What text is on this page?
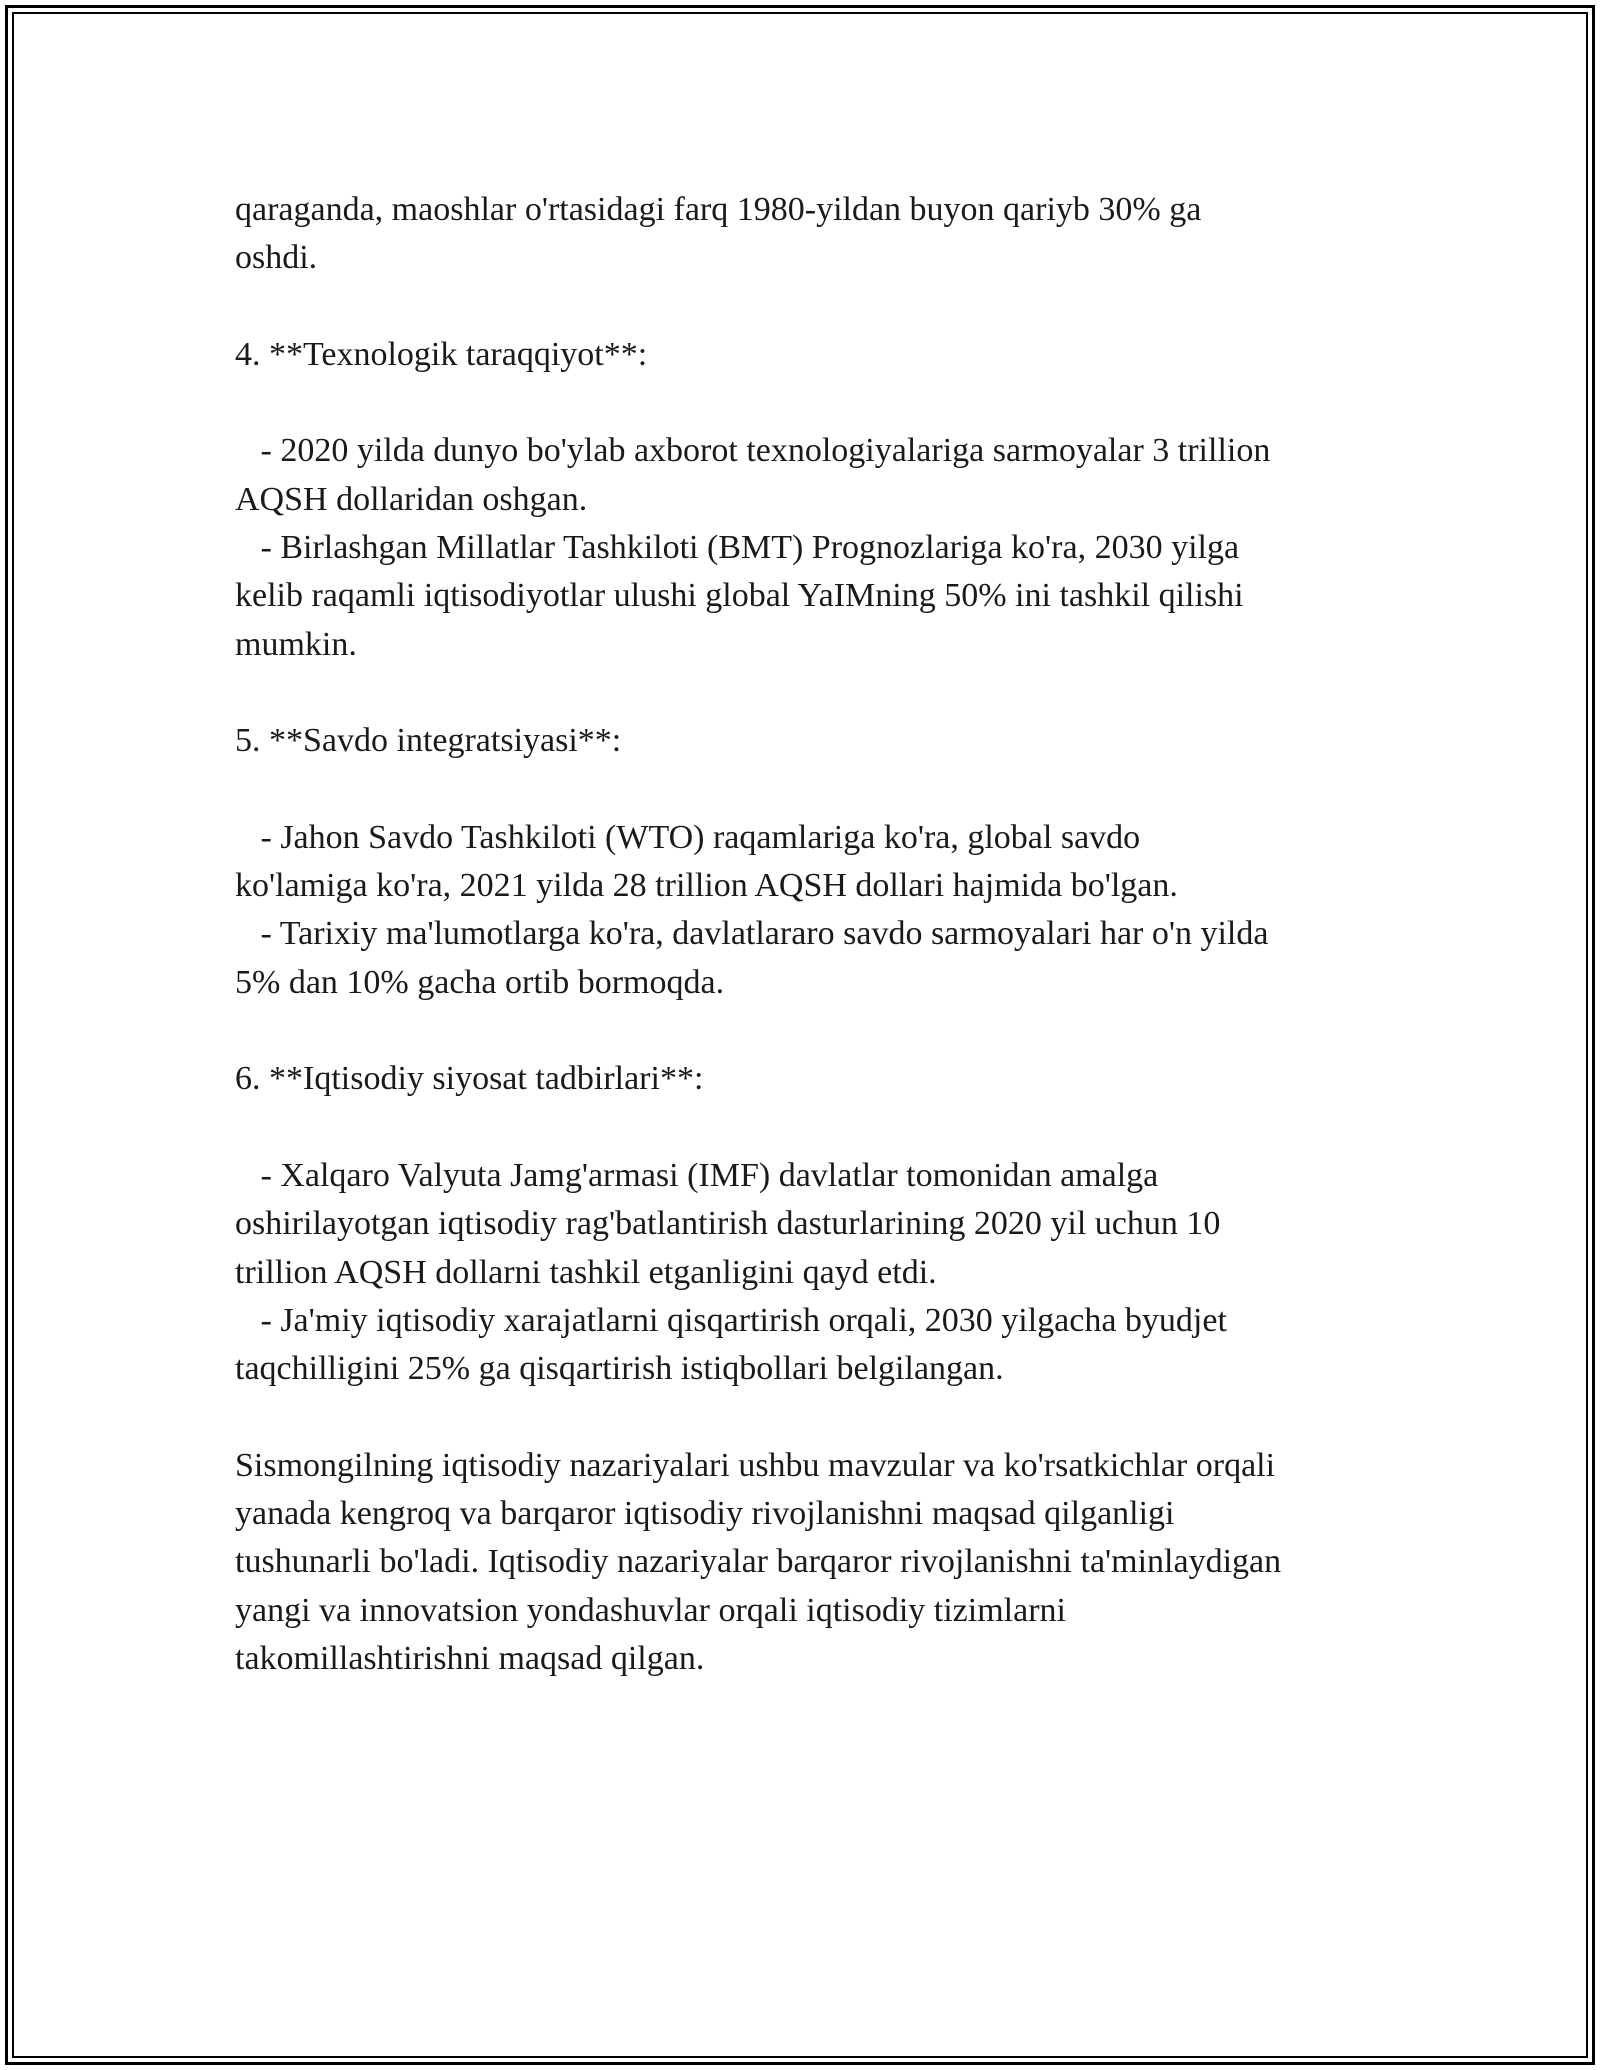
qaraganda, maoshlar o'rtasidagi farq 1980-yildan buyon qariyb 30% ga
oshdi.
4. **Texnologik taraqqiyot**:
- 2020 yilda dunyo bo'ylab axborot texnologiyalariga sarmoyalar 3 trillion
AQSH dollaridan oshgan.
- Birlashgan Millatlar Tashkiloti (BMT) Prognozlariga ko'ra, 2030 yilga
kelib raqamli iqtisodiyotlar ulushi global YaIMning 50% ini tashkil qilishi
mumkin.
5. **Savdo integratsiyasi**:
- Jahon Savdo Tashkiloti (WTO) raqamlariga ko'ra, global savdo
ko'lamiga ko'ra, 2021 yilda 28 trillion AQSH dollari hajmida bo'lgan.
- Tarixiy ma'lumotlarga ko'ra, davlatlararo savdo sarmoyalari har o'n yilda
5% dan 10% gacha ortib bormoqda.
6. **Iqtisodiy siyosat tadbirlari**:
- Xalqaro Valyuta Jamg'armasi (IMF) davlatlar tomonidan amalga
oshirilayotgan iqtisodiy rag'batlantirish dasturlarining 2020 yil uchun 10
trillion AQSH dollarni tashkil etganligini qayd etdi.
- Ja'miy iqtisodiy xarajatlarni qisqartirish orqali, 2030 yilgacha byudjet
taqchilligini 25% ga qisqartirish istiqbollari belgilangan.
Sismongilning iqtisodiy nazariyalari ushbu mavzular va ko'rsatkichlar orqali
yanada kengroq va barqaror iqtisodiy rivojlanishni maqsad qilganligi
tushunarli bo'ladi. Iqtisodiy nazariyalar barqaror rivojlanishni ta'minlaydigan
yangi va innovatsion yondashuvlar orqali iqtisodiy tizimlarni
takomillashtirishni maqsad qilgan.
